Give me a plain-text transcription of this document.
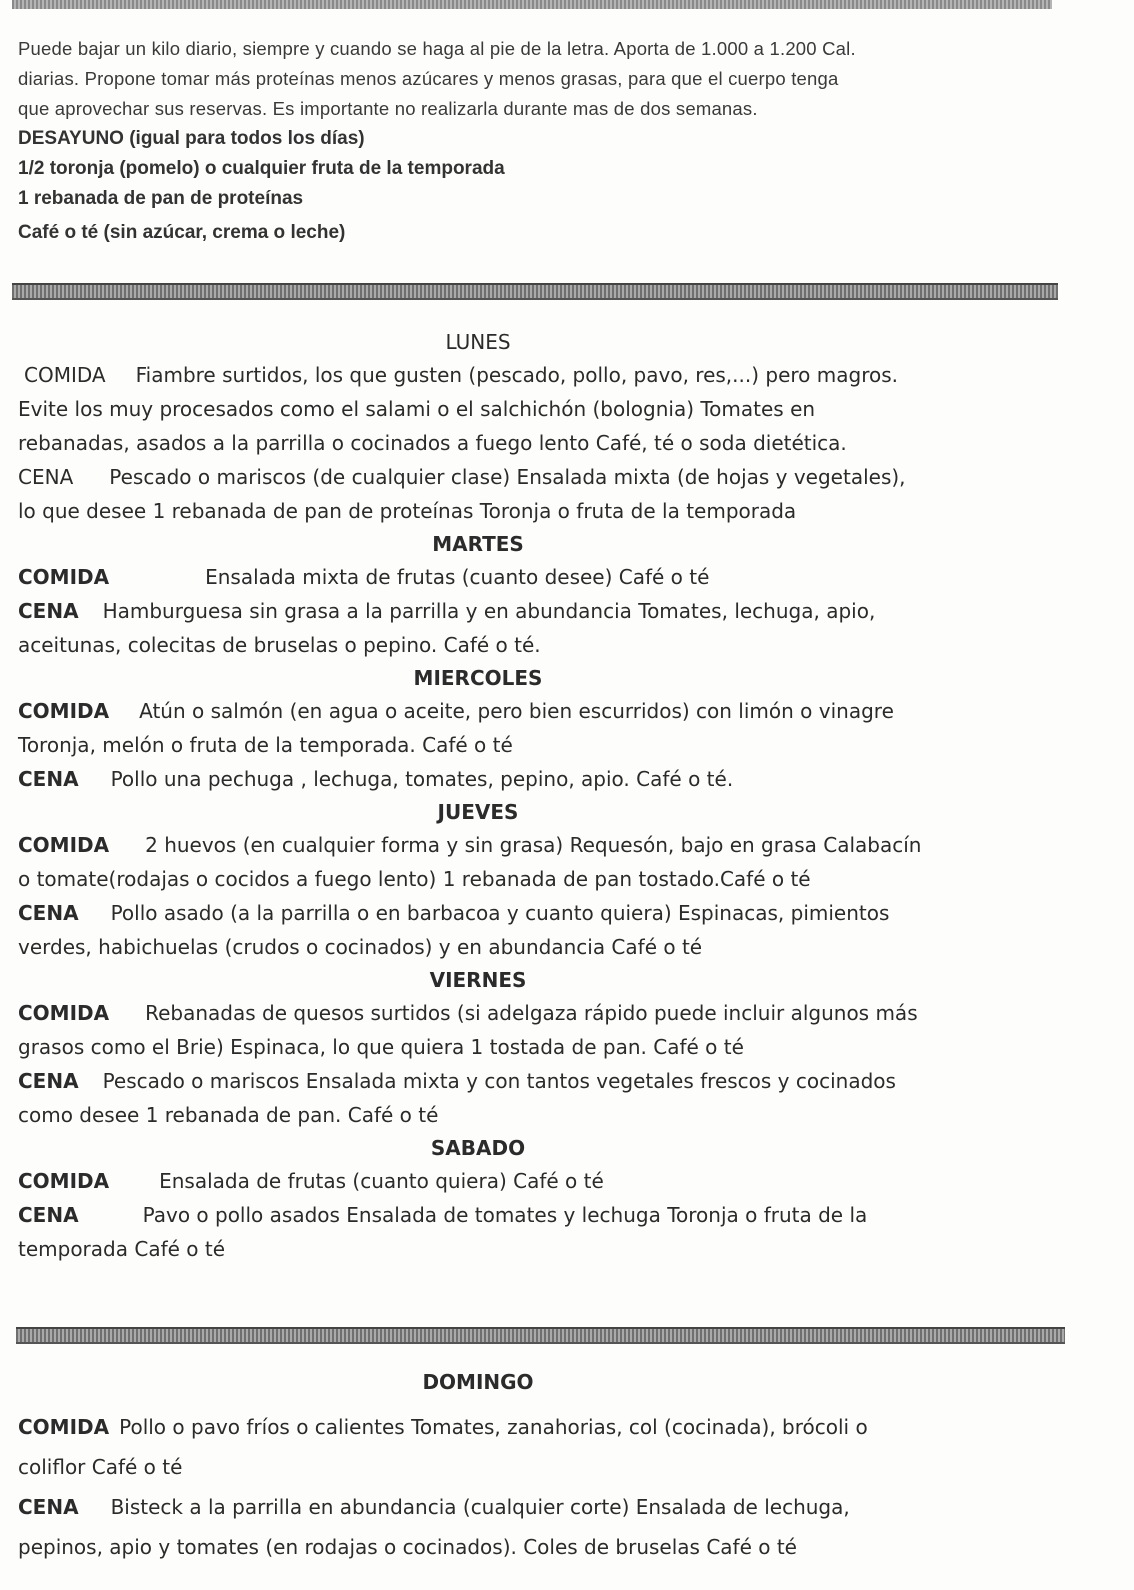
Puede bajar un kilo diario, siempre y cuando se haga al pie de la letra. Aporta de 1.000 a 1.200 Cal.

diarias. Propone tomar más proteínas menos azúcares y menos grasas, para que el cuerpo tenga

que aprovechar sus reservas. Es importante no realizarla durante mas de dos semanas.

DESAYUNO (igual para todos los días)

1/2 toronja (pomelo) o cualquier fruta de la temporada

1 rebanada de pan de proteínas

Café o té (sin azúcar, crema o leche)

LUNES

COMIDA Fiambre surtidos, los que gusten (pescado, pollo, pavo, res,...) pero magros.

Evite los muy procesados como el salami o el salchichón (bolognia) Tomates en

rebanadas, asados a la parrilla o cocinados a fuego lento Café, té o soda dietética.

CENA Pescado o mariscos (de cualquier clase) Ensalada mixta (de hojas y vegetales),

lo que desee 1 rebanada de pan de proteínas Toronja o fruta de la temporada

MARTES

COMIDA	Ensalada mixta de frutas (cuanto desee) Café o té

CENA Hamburguesa sin grasa a la parrilla y en abundancia Tomates, lechuga, apio,

aceitunas, colecitas de bruselas o pepino. Café o té.

MIERCOLES

COMIDA Atún o salmón (en agua o aceite, pero bien escurridos) con limón o vinagre

Toronja, melón o fruta de la temporada. Café o té

CENA Pollo una pechuga , lechuga, tomates, pepino, apio. Café o té.

JUEVES

COMIDA 2 huevos (en cualquier forma y sin grasa) Requesón, bajo en grasa Calabacín

o tomate(rodajas o cocidos a fuego lento) 1 rebanada de pan tostado.Café o té

CENA Pollo asado (a la parrilla o en barbacoa y cuanto quiera) Espinacas, pimientos

verdes, habichuelas (crudos o cocinados) y en abundancia Café o té

VIERNES

COMIDA Rebanadas de quesos surtidos (si adelgaza rápido puede incluir algunos más

grasos como el Brie) Espinaca, lo que quiera 1 tostada de pan. Café o té

CENA Pescado o mariscos Ensalada mixta y con tantos vegetales frescos y cocinados

como desee 1 rebanada de pan. Café o té

SABADO

COMIDA	Ensalada de frutas (cuanto quiera) Café o té

CENA	Pavo o pollo asados Ensalada de tomates y lechuga Toronja o fruta de la

temporada Café o té

DOMINGO

COMIDA Pollo o pavo fríos o calientes Tomates, zanahorias, col (cocinada), brócoli o

coliflor Café o té

CENA Bisteck a la parrilla en abundancia (cualquier corte) Ensalada de lechuga,

pepinos, apio y tomates (en rodajas o cocinados). Coles de bruselas Café o té
